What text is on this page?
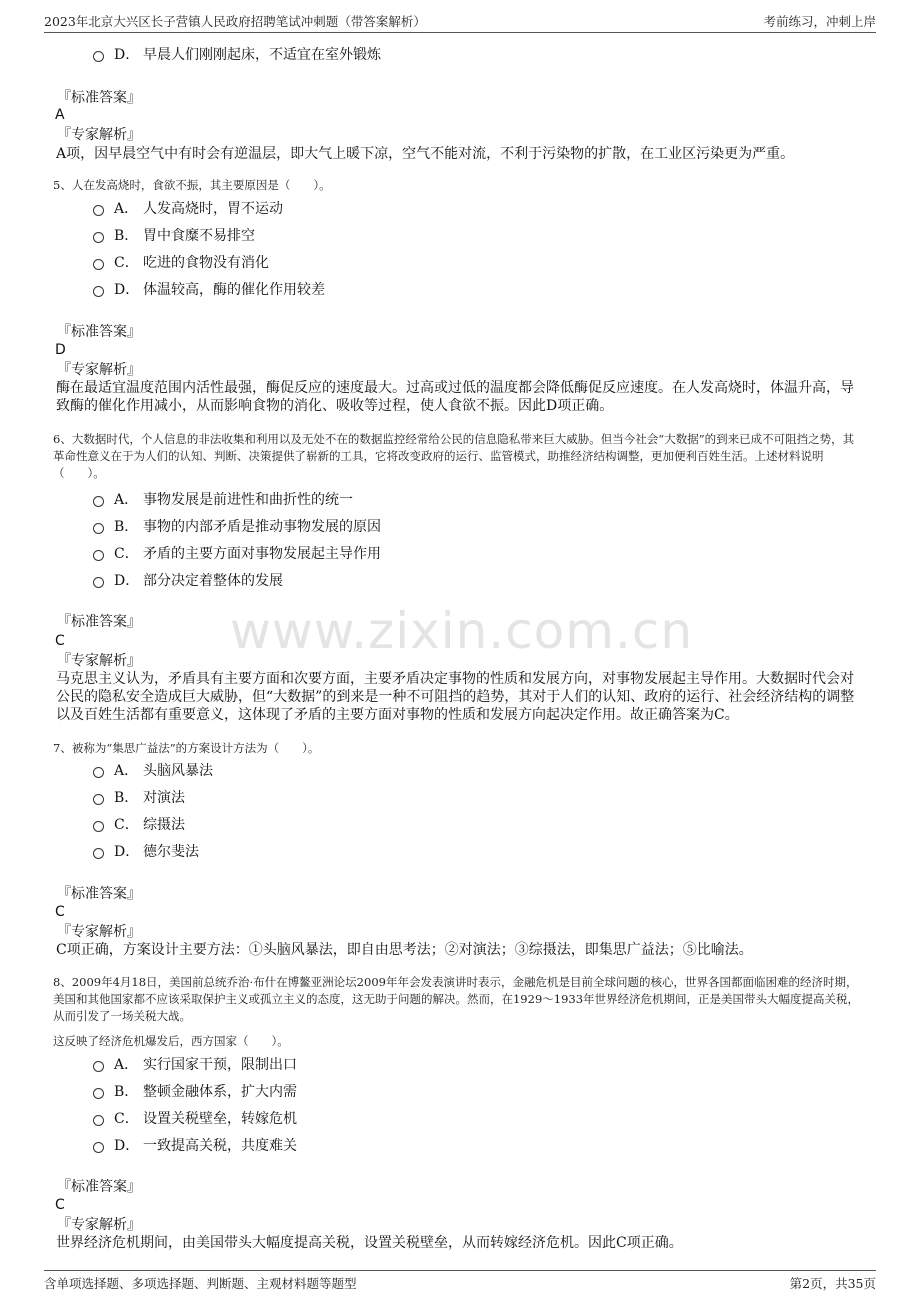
2023年北京大兴区长子营镇人民政府招聘笔试冲刺题（带答案解析）	考前练习，冲刺上岸
www.zixin.com.cn
D． 早晨人们刚刚起床，不适宜在室外锻炼
『标准答案』
A
『专家解析』
A项，因早晨空气中有时会有逆温层，即大气上暖下凉，空气不能对流，不利于污染物的扩散，在工业区污染更为严重。
5、人在发高烧时，食欲不振，其主要原因是（　　）。
A． 人发高烧时，胃不运动
B． 胃中食糜不易排空
C． 吃进的食物没有消化
D． 体温较高，酶的催化作用较差
『标准答案』
D
『专家解析』
酶在最适宜温度范围内活性最强，酶促反应的速度最大。过高或过低的温度都会降低酶促反应速度。在人发高烧时，体温升高，导致酶的催化作用减小，从而影响食物的消化、吸收等过程，使人食欲不振。因此D项正确。
6、大数据时代，个人信息的非法收集和利用以及无处不在的数据监控经常给公民的信息隐私带来巨大威胁。但当今社会“大数据”的到来已成不可阻挡之势，其革命性意义在于为人们的认知、判断、决策提供了崭新的工具，它将改变政府的运行、监管模式，助推经济结构调整，更加便利百姓生活。上述材料说明（　　）。
A． 事物发展是前进性和曲折性的统一
B． 事物的内部矛盾是推动事物发展的原因
C． 矛盾的主要方面对事物发展起主导作用
D． 部分决定着整体的发展
『标准答案』
C
『专家解析』
马克思主义认为，矛盾具有主要方面和次要方面，主要矛盾决定事物的性质和发展方向，对事物发展起主导作用。大数据时代会对公民的隐私安全造成巨大威胁，但“大数据”的到来是一种不可阻挡的趋势，其对于人们的认知、政府的运行、社会经济结构的调整以及百姓生活都有重要意义，这体现了矛盾的主要方面对事物的性质和发展方向起决定作用。故正确答案为C。
7、被称为“集思广益法”的方案设计方法为（　　）。
A． 头脑风暴法
B． 对演法
C． 综摄法
D． 德尔斐法
『标准答案』
C
『专家解析』
C项正确，方案设计主要方法：①头脑风暴法，即自由思考法；②对演法；③综摄法，即集思广益法；⑤比喻法。
8、2009年4月18日，美国前总统乔治·布什在博鳌亚洲论坛2009年年会发表演讲时表示，金融危机是目前全球问题的核心，世界各国都面临困难的经济时期，美国和其他国家都不应该采取保护主义或孤立主义的态度，这无助于问题的解决。然而，在1929～1933年世界经济危机期间，正是美国带头大幅度提高关税，从而引发了一场关税大战。
这反映了经济危机爆发后，西方国家（　　）。
A． 实行国家干预，限制出口
B． 整顿金融体系，扩大内需
C． 设置关税壁垒，转嫁危机
D． 一致提高关税，共度难关
『标准答案』
C
『专家解析』
世界经济危机期间，由美国带头大幅度提高关税，设置关税壁垒，从而转嫁经济危机。因此C项正确。
含单项选择题、多项选择题、判断题、主观材料题等题型	第2页，共35页
